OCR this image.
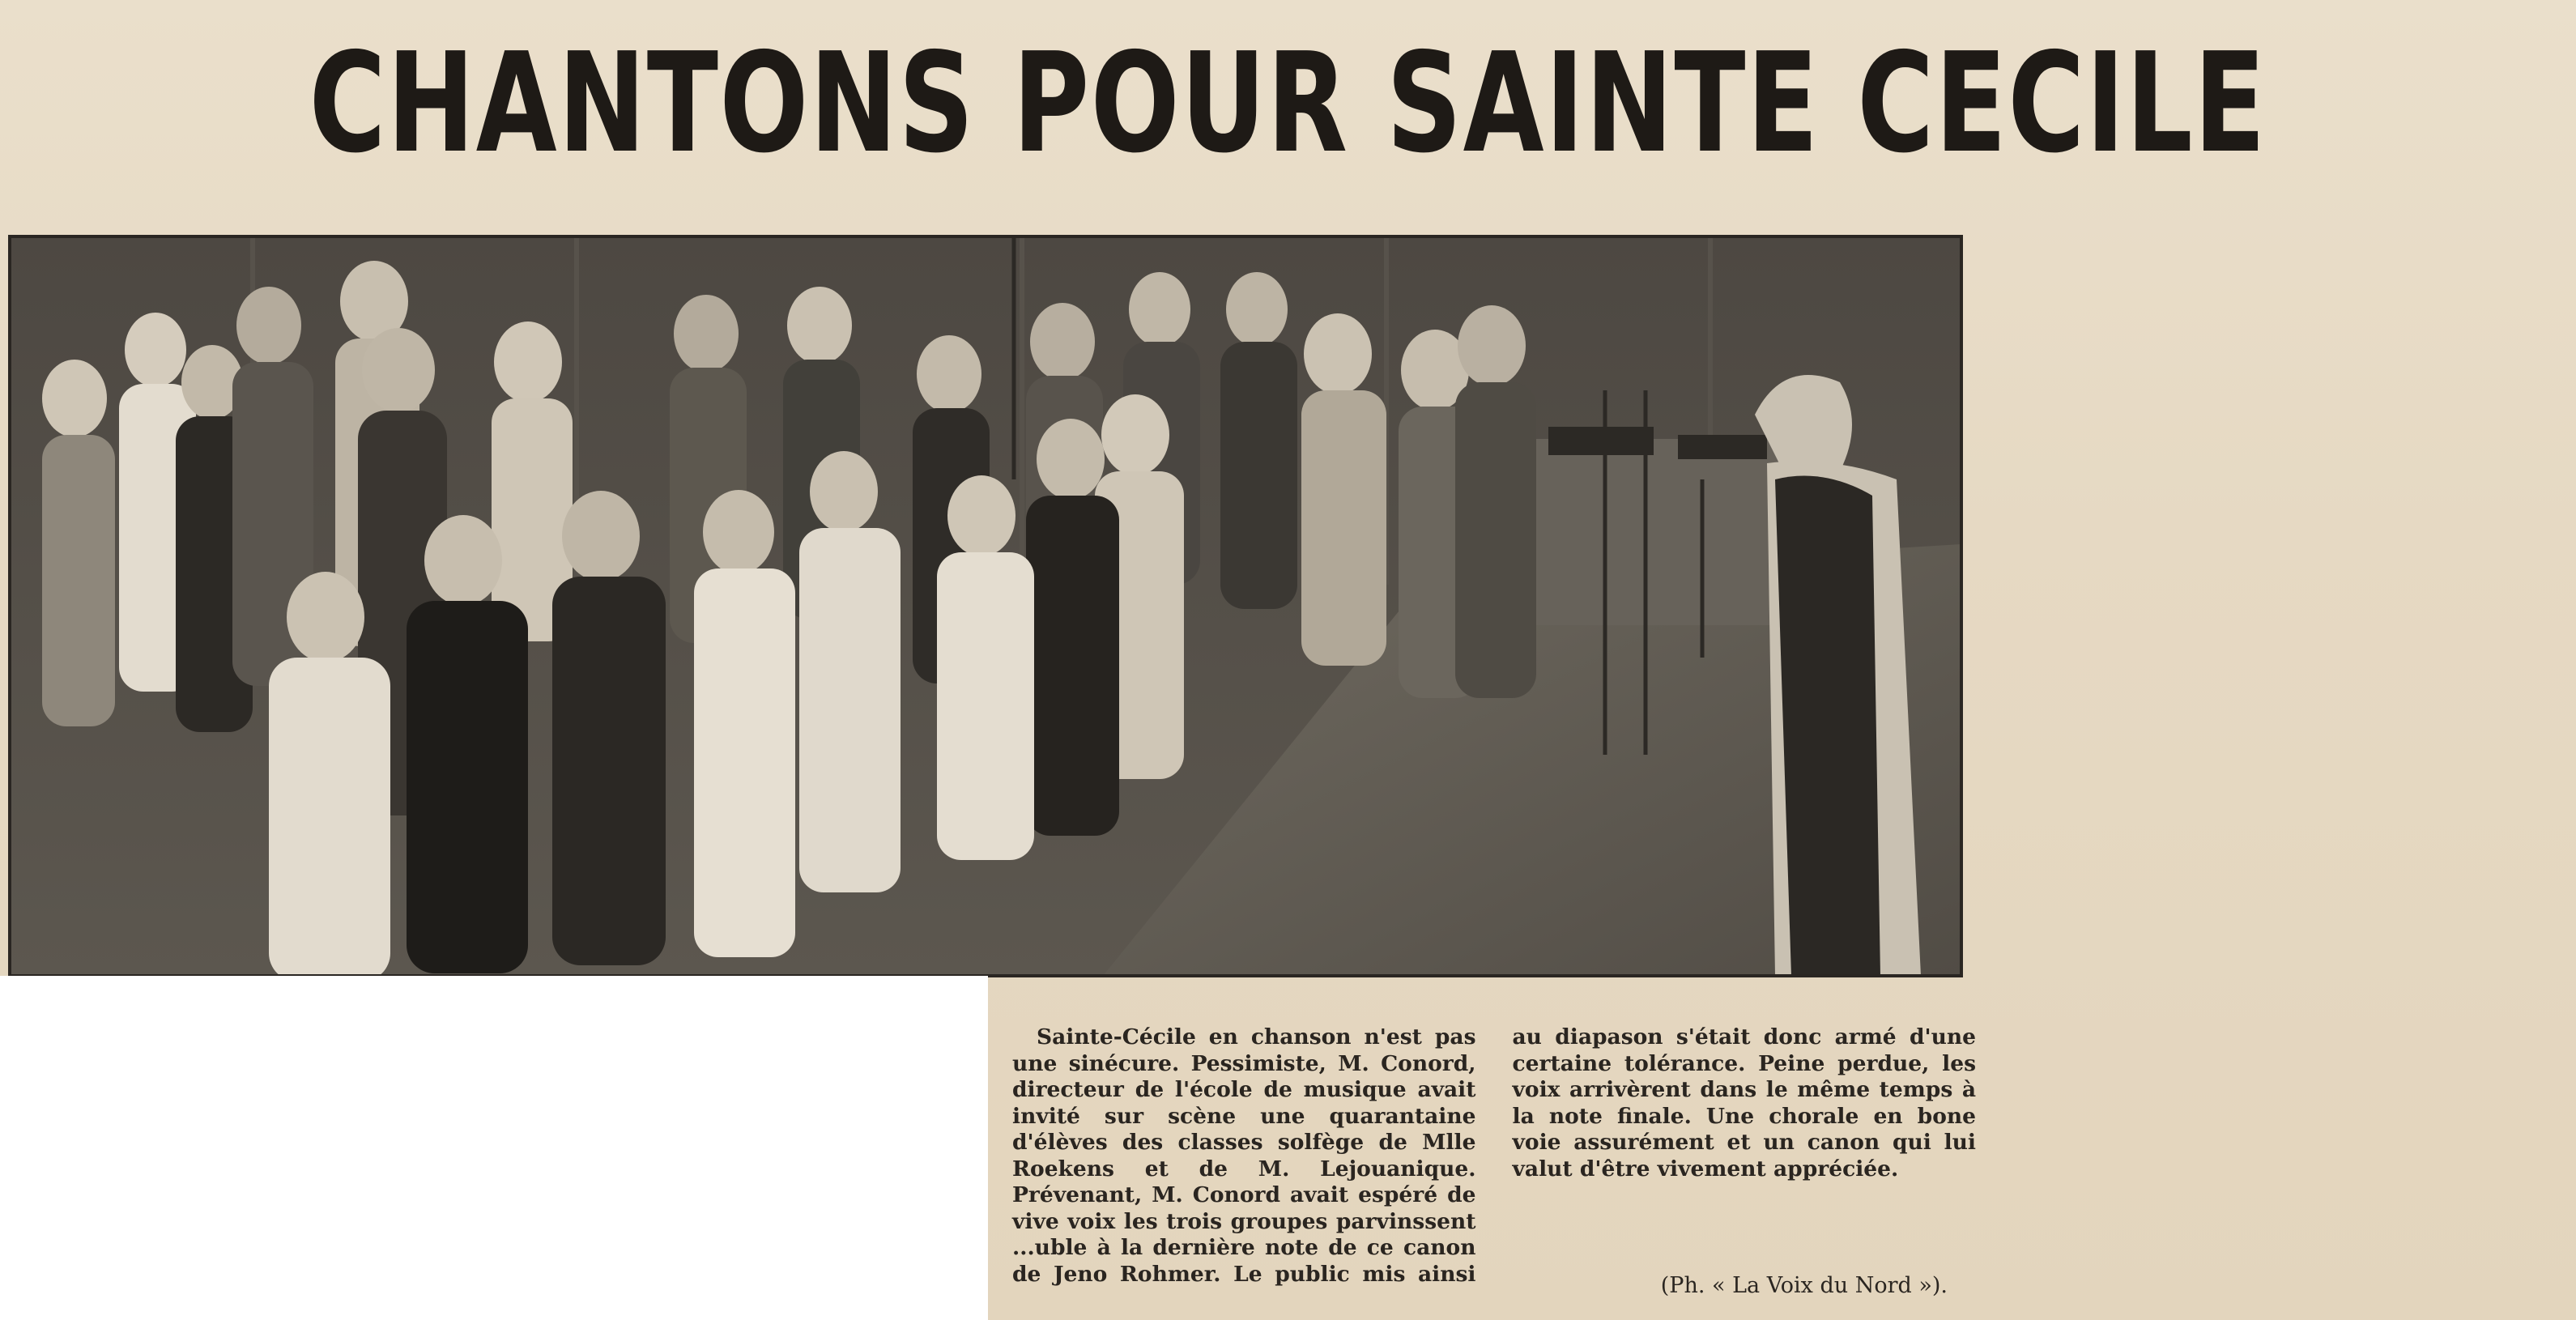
CHANTONS POUR SAINTE CECILE
Sainte-Cécile en chanson n'est pas une sinécure. Pessimiste, M. Conord, directeur de l'école de musique avait invité sur scène une quarantaine d'élèves des classes solfège de Mlle Roekens et de M. Lejouanique. Prévenant, M. Conord avait espéré de vive voix les trois groupes parvinssent ...uble à la dernière note de ce canon de Jeno Rohmer. Le public mis ainsi au diapason s'était donc armé d'une certaine tolérance. Peine perdue, les voix arrivèrent dans le même temps à la note finale. Une chorale en bone voie assurément et un canon qui lui valut d'être vivement appréciée.
(Ph. « La Voix du Nord »).
